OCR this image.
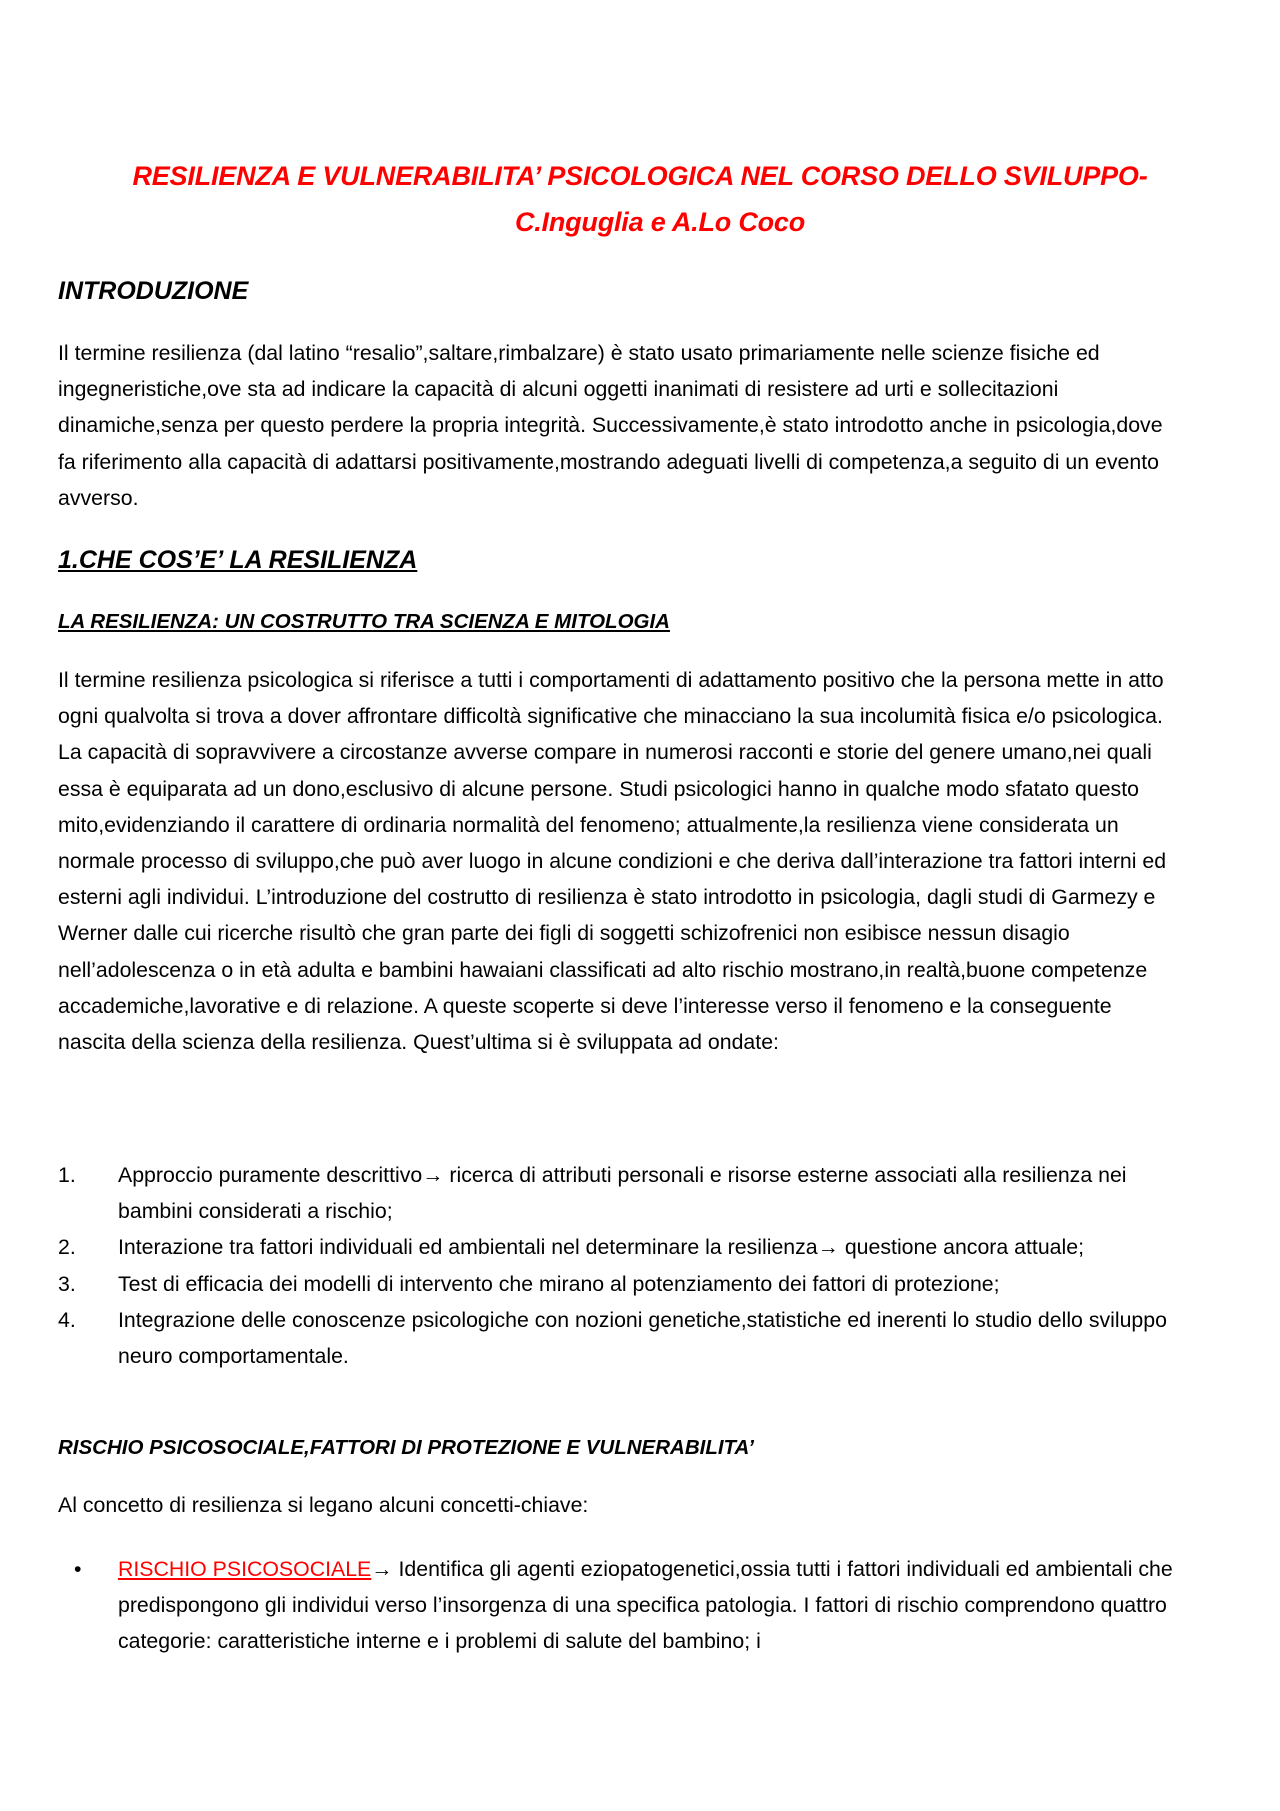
RESILIENZA E VULNERABILITA’ PSICOLOGICA NEL CORSO DELLO SVILUPPO-
C.Inguglia e A.Lo Coco
INTRODUZIONE
Il termine resilienza (dal latino “resalio”,saltare,rimbalzare) è stato usato primariamente nelle scienze fisiche ed ingegneristiche,ove sta ad indicare la capacità di alcuni oggetti inanimati di resistere ad urti e sollecitazioni dinamiche,senza per questo perdere la propria integrità. Successivamente,è stato introdotto anche in psicologia,dove fa riferimento alla capacità di adattarsi positivamente,mostrando adeguati livelli di competenza,a seguito di un evento avverso.
1.CHE COS’E’ LA RESILIENZA
LA RESILIENZA: UN COSTRUTTO TRA SCIENZA E MITOLOGIA
Il termine resilienza psicologica si riferisce a tutti i comportamenti di adattamento positivo che la persona mette in atto ogni qualvolta si trova a dover affrontare difficoltà significative che minacciano la sua incolumità fisica e/o psicologica. La capacità di sopravvivere a circostanze avverse compare in numerosi racconti e storie del genere umano,nei quali essa è equiparata ad un dono,esclusivo di alcune persone. Studi psicologici hanno in qualche modo sfatato questo mito,evidenziando il carattere di ordinaria normalità del fenomeno; attualmente,la resilienza viene considerata un normale processo di sviluppo,che può aver luogo in alcune condizioni e che deriva dall’interazione tra fattori interni ed esterni agli individui. L’introduzione del costrutto di resilienza è stato introdotto in psicologia, dagli studi di Garmezy e Werner dalle cui ricerche risultò che gran parte dei figli di soggetti schizofrenici non esibisce nessun disagio nell’adolescenza o in età adulta e bambini hawaiani classificati ad alto rischio mostrano,in realtà,buone competenze accademiche,lavorative e di relazione. A queste scoperte si deve l’interesse verso il fenomeno e la conseguente nascita della scienza della resilienza. Quest’ultima si è sviluppata ad ondate:
1. Approccio puramente descrittivo→ ricerca di attributi personali e risorse esterne associati alla resilienza nei bambini considerati a rischio;
2. Interazione tra fattori individuali ed ambientali nel determinare la resilienza→ questione ancora attuale;
3. Test di efficacia dei modelli di intervento che mirano al potenziamento dei fattori di protezione;
4. Integrazione delle conoscenze psicologiche con nozioni genetiche,statistiche ed inerenti lo studio dello sviluppo neuro comportamentale.
RISCHIO PSICOSOCIALE,FATTORI DI PROTEZIONE E VULNERABILITA’
Al concetto di resilienza si legano alcuni concetti-chiave:
• RISCHIO PSICOSOCIALE→ Identifica gli agenti eziopatogenetici,ossia tutti i fattori individuali ed ambientali che predispongono gli individui verso l’insorgenza di una specifica patologia. I fattori di rischio comprendono quattro categorie: caratteristiche interne e i problemi di salute del bambino; i
